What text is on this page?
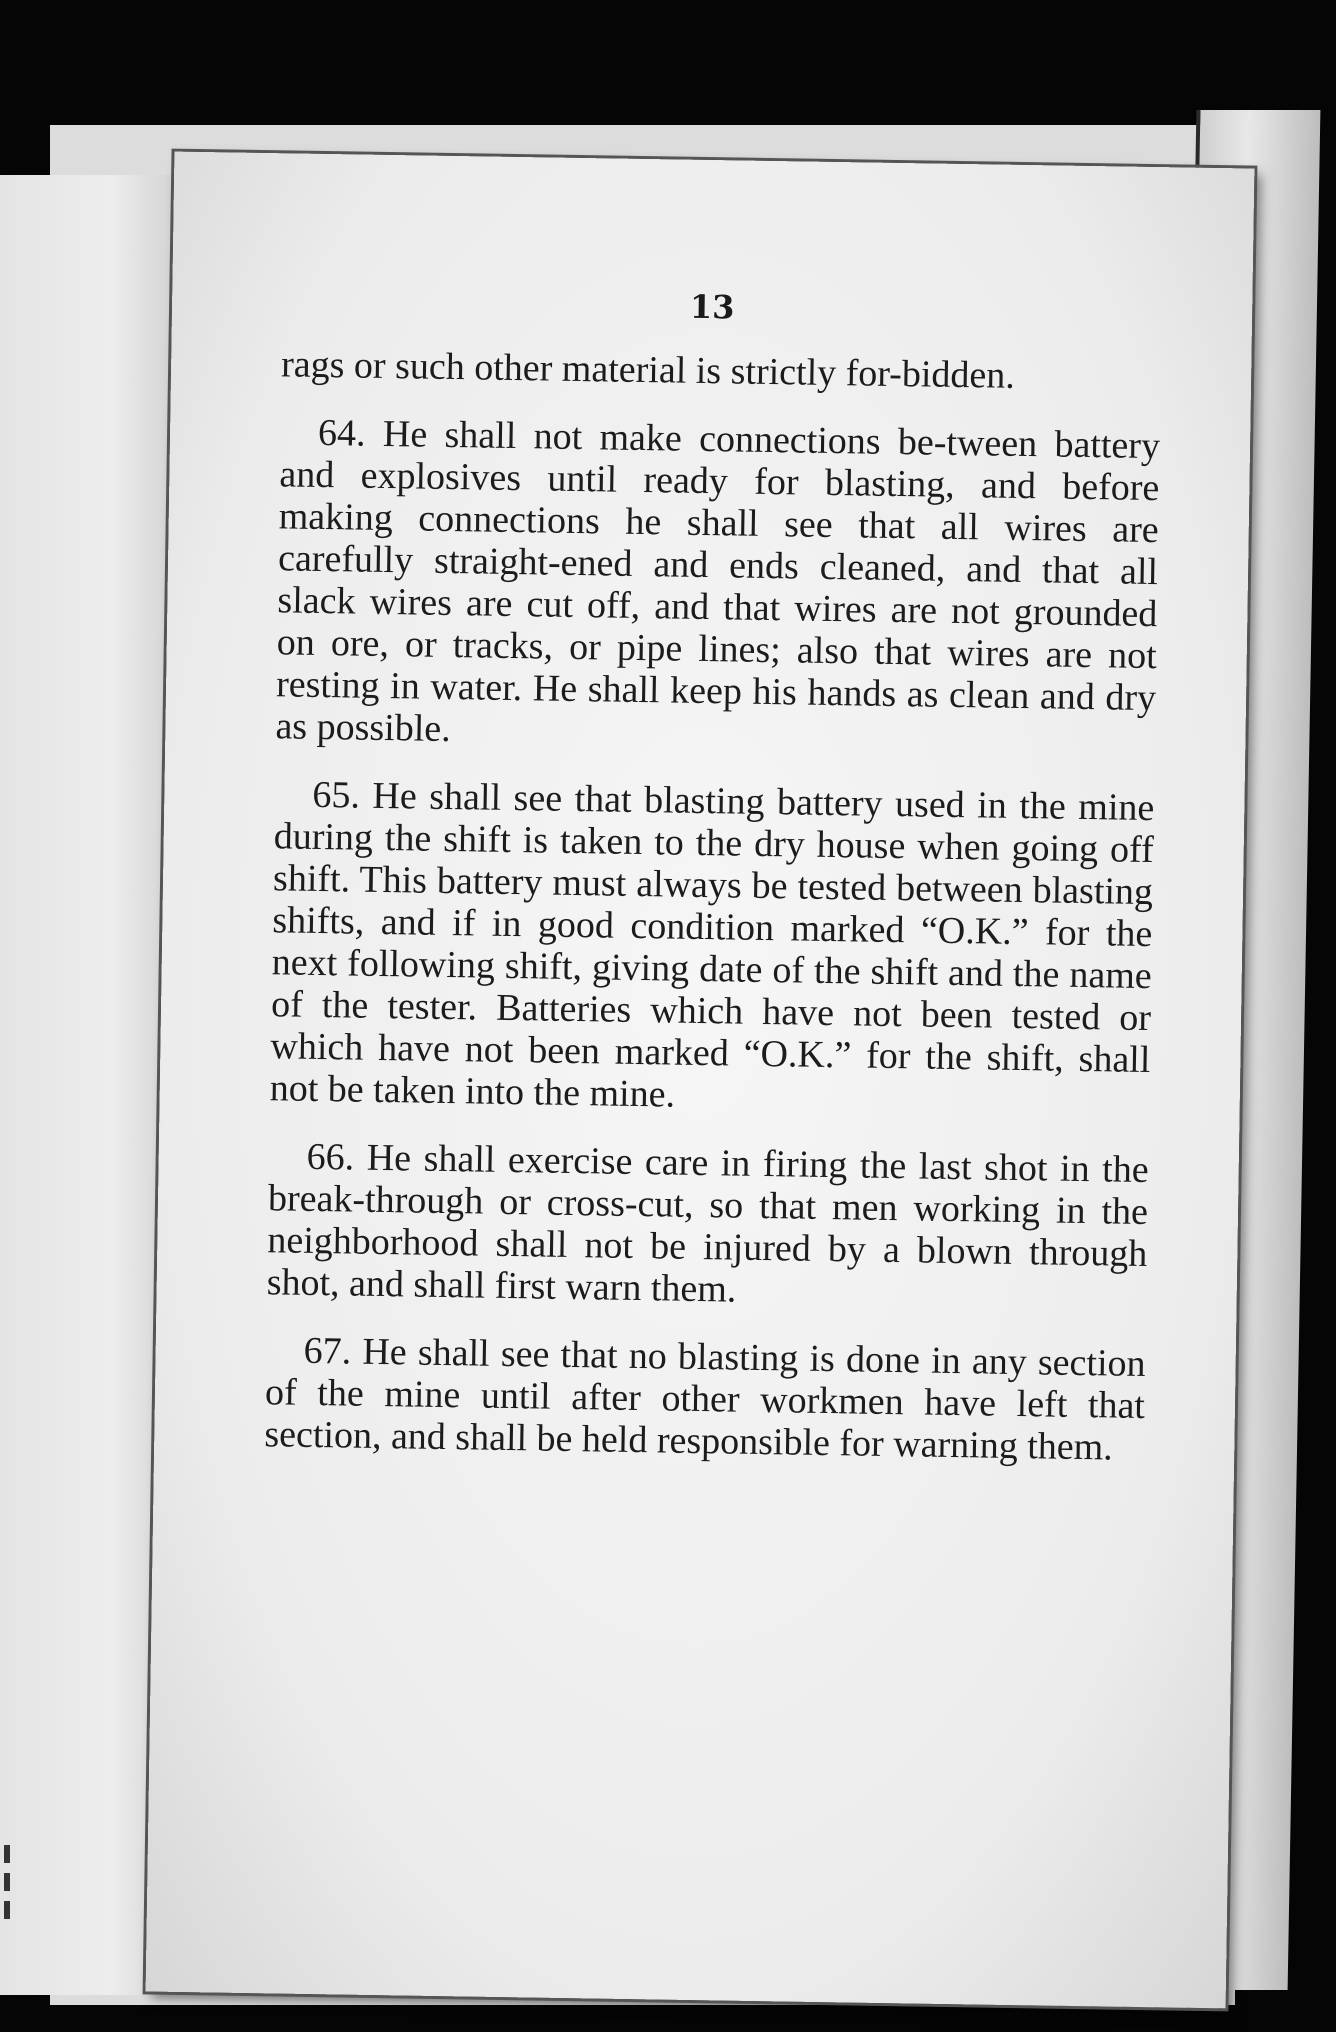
13

rags or such other material is strictly for-bidden.

64. He shall not make connections be-tween battery and explosives until ready for blasting, and before making connections he shall see that all wires are carefully straight-ened and ends cleaned, and that all slack wires are cut off, and that wires are not grounded on ore, or tracks, or pipe lines; also that wires are not resting in water. He shall keep his hands as clean and dry as possible.

65. He shall see that blasting battery used in the mine during the shift is taken to the dry house when going off shift. This battery must always be tested between blasting shifts, and if in good condition marked “O.K.” for the next following shift, giving date of the shift and the name of the tester. Batteries which have not been tested or which have not been marked “O.K.” for the shift, shall not be taken into the mine.

66. He shall exercise care in firing the last shot in the break-through or cross-cut, so that men working in the neighborhood shall not be injured by a blown through shot, and shall first warn them.

67. He shall see that no blasting is done in any section of the mine until after other workmen have left that section, and shall be held responsible for warning them.
